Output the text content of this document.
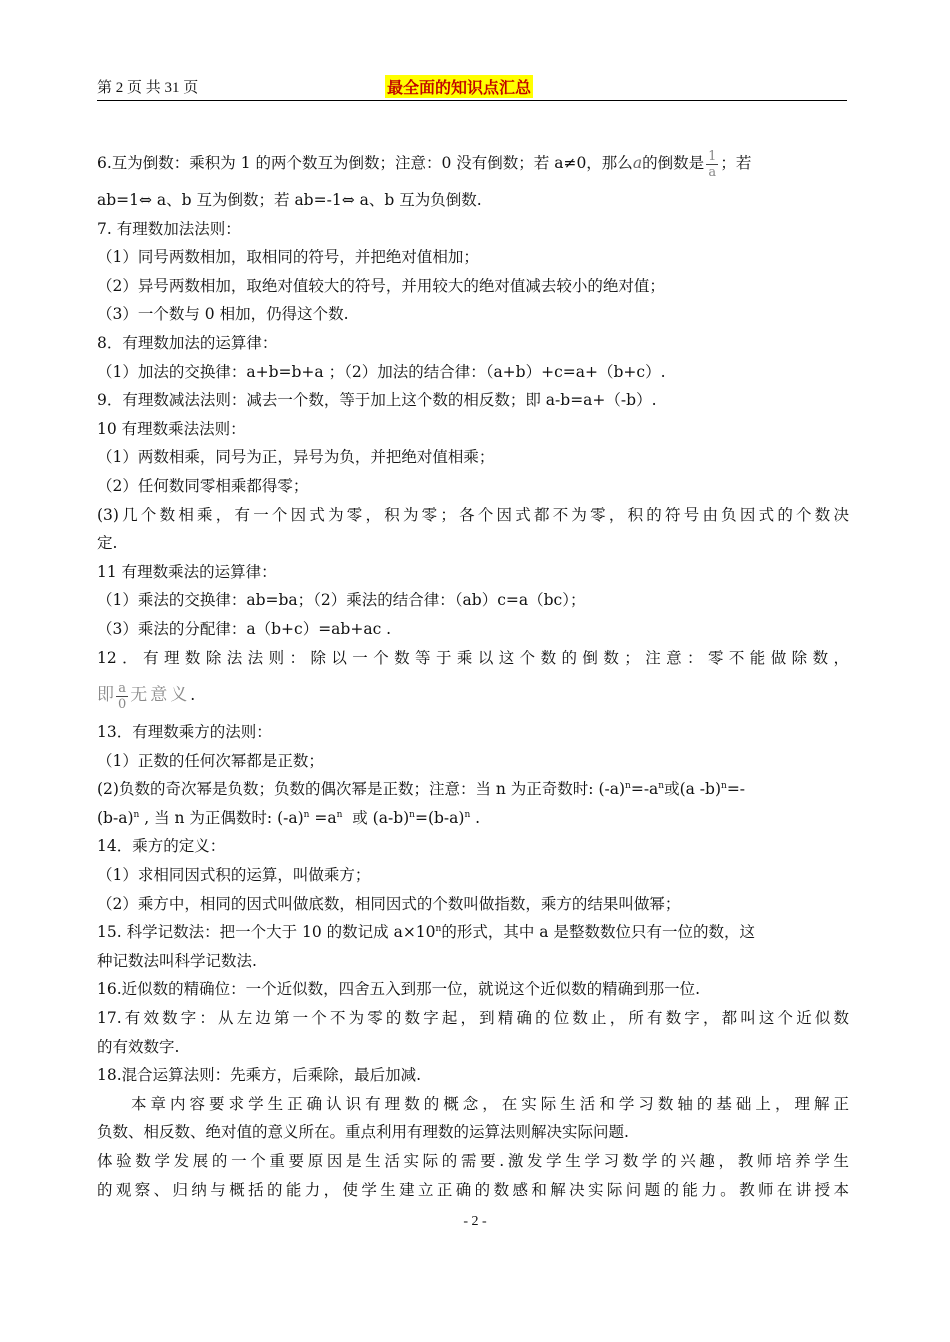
第 2 页 共 31 页	最全面的知识点汇总
6.互为倒数：乘积为 1 的两个数互为倒数；注意：0 没有倒数；若 a≠0，那么a的倒数是 $\frac{1}{a}$ ；若
ab=1⇔ a、b 互为倒数；若 ab=-1⇔ a、b 互为负倒数.
7. 有理数加法法则：
（1）同号两数相加，取相同的符号，并把绝对值相加；
（2）异号两数相加，取绝对值较大的符号，并用较大的绝对值减去较小的绝对值；
（3）一个数与 0 相加，仍得这个数.
8．有理数加法的运算律：
（1）加法的交换律：a+b=b+a ；（2）加法的结合律：（a+b）+c=a+（b+c）.
9．有理数减法法则：减去一个数，等于加上这个数的相反数；即 a-b=a+（-b）.
10 有理数乘法法则：
（1）两数相乘，同号为正，异号为负，并把绝对值相乘；
（2）任何数同零相乘都得零；
(3)几个数相乘，有一个因式为零，积为零；各个因式都不为零，积的符号由负因式的个数决
定.
11 有理数乘法的运算律：
（1）乘法的交换律：ab=ba；（2）乘法的结合律：（ab）c=a（bc）；
（3）乘法的分配律：a（b+c）=ab+ac .
12．有理数除法法则：除以一个数等于乘以这个数的倒数；注意：零不能做除数，
即 $\frac{a}{0}$ 无意义.
13．有理数乘方的法则：
（1）正数的任何次幂都是正数；
(2)负数的奇次幂是负数；负数的偶次幂是正数；注意：当 n 为正奇数时: $(-a)^n=-a^n$或(a -b)$^n$=-
$(b-a)^n$ , 当 n 为正偶数时: $(-a)^n =a^n$  或 $(a-b)^n=(b-a)^n$ .
14．乘方的定义：
（1）求相同因式积的运算，叫做乘方；
（2）乘方中，相同的因式叫做底数，相同因式的个数叫做指数，乘方的结果叫做幂；
15. 科学记数法：把一个大于 10 的数记成 $a\times 10^n$的形式，其中 a 是整数数位只有一位的数，这
种记数法叫科学记数法.
16.近似数的精确位：一个近似数，四舍五入到那一位，就说这个近似数的精确到那一位.
17.有效数字：从左边第一个不为零的数字起，到精确的位数止，所有数字，都叫这个近似数
的有效数字.
18.混合运算法则：先乘方，后乘除，最后加减.
本章内容要求学生正确认识有理数的概念，在实际生活和学习数轴的基础上，理解正
负数、相反数、绝对值的意义所在。重点利用有理数的运算法则解决实际问题.
体验数学发展的一个重要原因是生活实际的需要.激发学生学习数学的兴趣，教师培养学生
的观察、归纳与概括的能力，使学生建立正确的数感和解决实际问题的能力。教师在讲授本
- 2 -
